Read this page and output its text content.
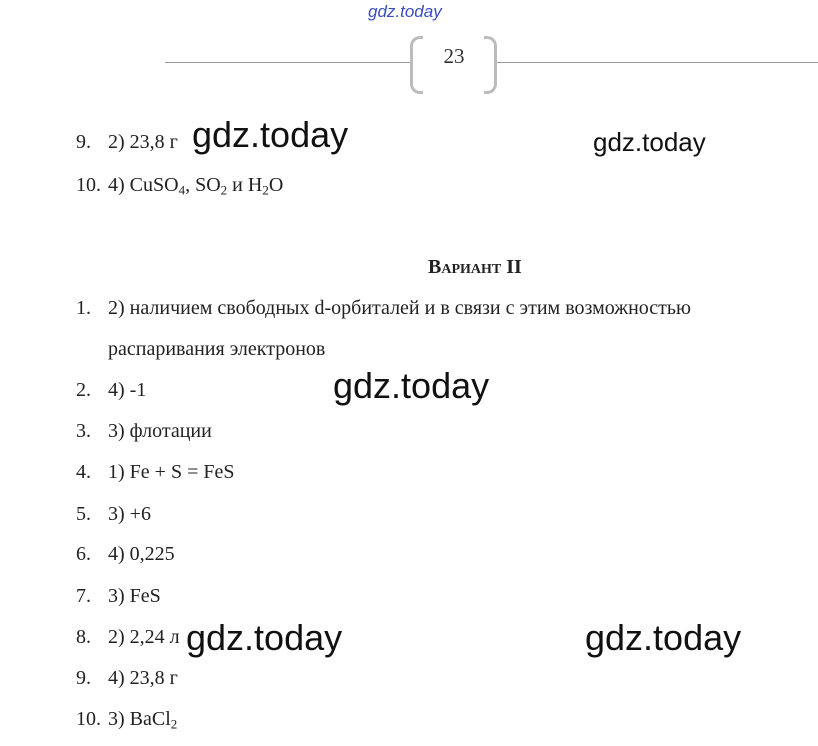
gdz.today
23
9. 2) 23,8 г
10. 4) CuSO$_4$, $SO_2$ и $H_2O$
Вариант II
1. 2) наличием свободных d-орбиталей и в связи с этим возможностью
распаривания электронов
2. 4) -1
3. 3) флотации
4. 1) Fe + S = FeS
5. 3) +6
6. 4) 0,225
7. 3) FeS
8. 2) 2,24 л
9. 4) 23,8 г
10. 3) BaCl$_2$
gdz.today	gdz.today
gdz.today
gdz.today	gdz.today
